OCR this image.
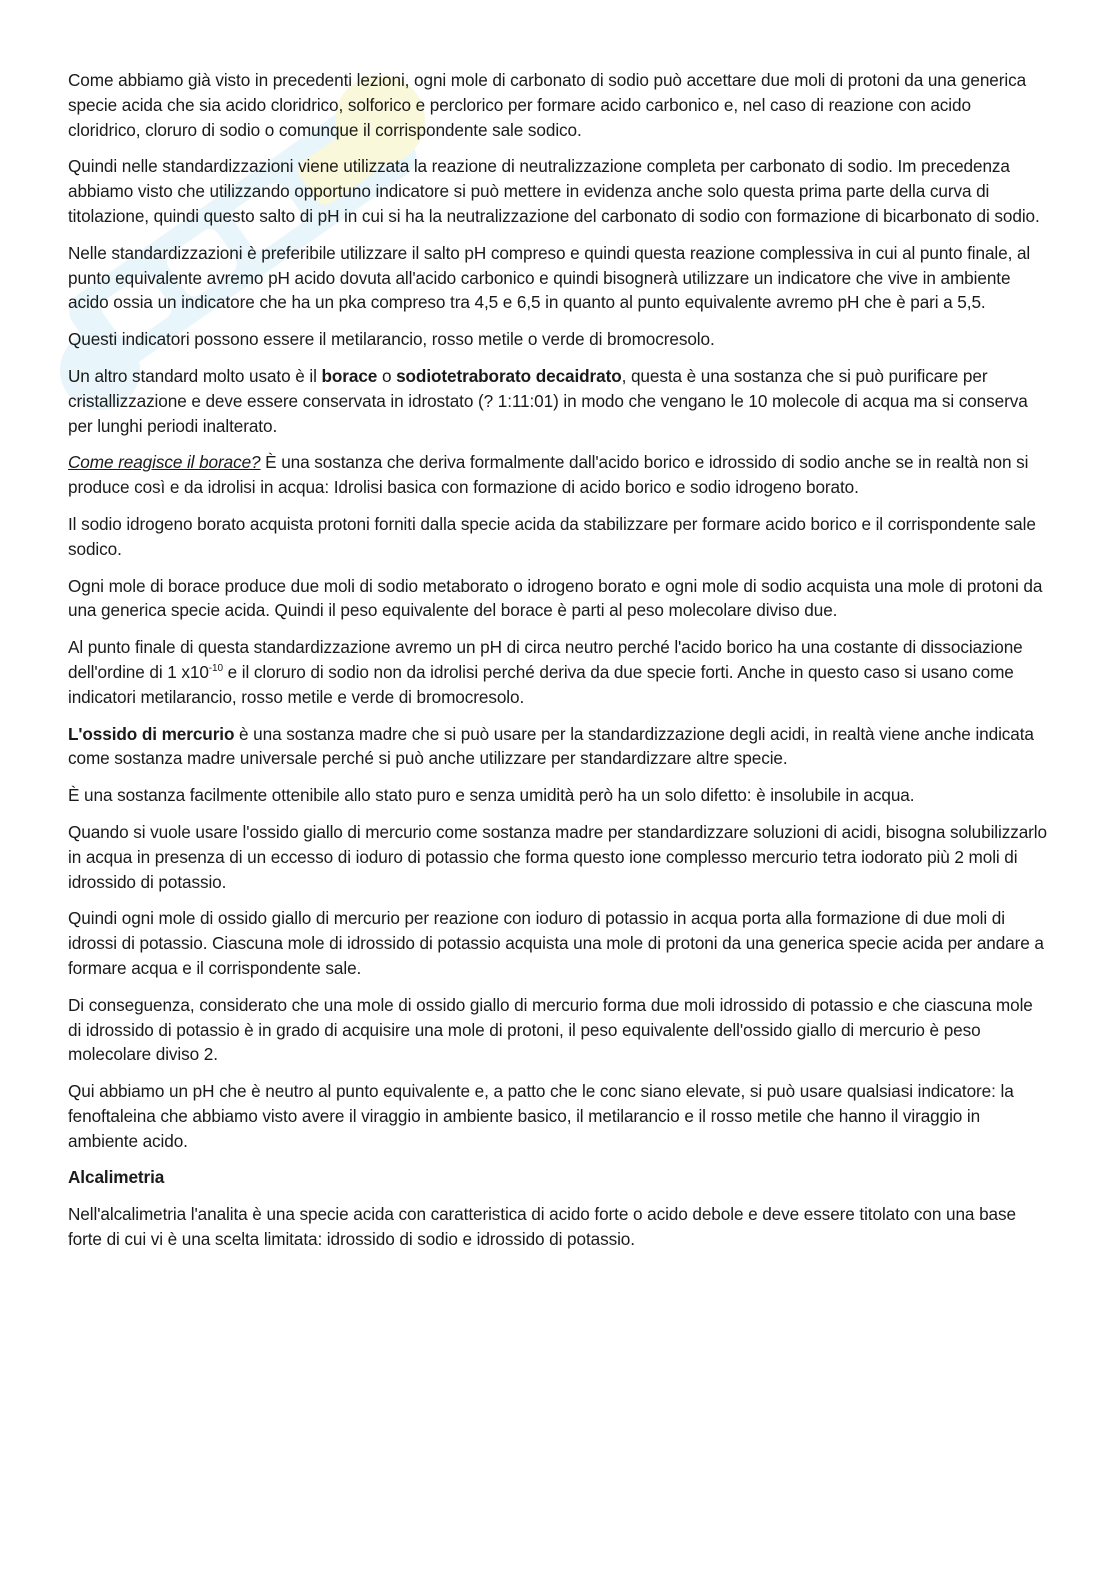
Come abbiamo già visto in precedenti lezioni, ogni mole di carbonato di sodio può accettare due moli di protoni da una generica specie acida che sia acido cloridrico, solforico e perclorico per formare acido carbonico e, nel caso di reazione con acido cloridrico, cloruro di sodio o comunque il corrispondente sale sodico.

Quindi nelle standardizzazioni viene utilizzata la reazione di neutralizzazione completa per carbonato di sodio. Im precedenza abbiamo visto che utilizzando opportuno indicatore si può mettere in evidenza anche solo questa prima parte della curva di titolazione, quindi questo salto di pH in cui si ha la neutralizzazione del carbonato di sodio con formazione di bicarbonato di sodio.

Nelle standardizzazioni è preferibile utilizzare il salto pH compreso e quindi questa reazione complessiva in cui al punto finale, al punto equivalente avremo pH acido dovuta all'acido carbonico e quindi bisognerà utilizzare un indicatore che vive in ambiente acido ossia un indicatore che ha un pka compreso tra 4,5 e 6,5 in quanto al punto equivalente avremo pH che è pari a 5,5.

Questi indicatori possono essere il metilarancio, rosso metile o verde di bromocresolo.

Un altro standard molto usato è il borace o sodiotetraborato decaidrato, questa è una sostanza che si può purificare per cristallizzazione e deve essere conservata in idrostato (? 1:11:01) in modo che vengano le 10 molecole di acqua ma si conserva per lunghi periodi inalterato.

Come reagisce il borace? È una sostanza che deriva formalmente dall'acido borico e idrossido di sodio anche se in realtà non si produce così e da idrolisi in acqua: Idrolisi basica con formazione di acido borico e sodio idrogeno borato.

Il sodio idrogeno borato acquista protoni forniti dalla specie acida da stabilizzare per formare acido borico e il corrispondente sale sodico.

Ogni mole di borace produce due moli di sodio metaborato o idrogeno borato e ogni mole di sodio acquista una mole di protoni da una generica specie acida. Quindi il peso equivalente del borace è parti al peso molecolare diviso due.

Al punto finale di questa standardizzazione avremo un pH di circa neutro perché l'acido borico ha una costante di dissociazione dell'ordine di 1 $x10^{-10}$ e il cloruro di sodio non da idrolisi perché deriva da due specie forti. Anche in questo caso si usano come indicatori metilarancio, rosso metile e verde di bromocresolo.

L'ossido di mercurio è una sostanza madre che si può usare per la standardizzazione degli acidi, in realtà viene anche indicata come sostanza madre universale perché si può anche utilizzare per standardizzare altre specie.

È una sostanza facilmente ottenibile allo stato puro e senza umidità però ha un solo difetto: è insolubile in acqua.

Quando si vuole usare l'ossido giallo di mercurio come sostanza madre per standardizzare soluzioni di acidi, bisogna solubilizzarlo in acqua in presenza di un eccesso di ioduro di potassio che forma questo ione complesso mercurio tetra iodorato più 2 moli di idrossido di potassio.

Quindi ogni mole di ossido giallo di mercurio per reazione con ioduro di potassio in acqua porta alla formazione di due moli di idrossi di potassio. Ciascuna mole di idrossido di potassio acquista una mole di protoni da una generica specie acida per andare a formare acqua e il corrispondente sale.

Di conseguenza, considerato che una mole di ossido giallo di mercurio forma due moli idrossido di potassio e che ciascuna mole di idrossido di potassio è in grado di acquisire una mole di protoni, il peso equivalente dell'ossido giallo di mercurio è peso molecolare diviso 2.

Qui abbiamo un pH che è neutro al punto equivalente e, a patto che le conc siano elevate, si può usare qualsiasi indicatore: la fenoftaleina che abbiamo visto avere il viraggio in ambiente basico, il metilarancio e il rosso metile che hanno il viraggio in ambiente acido.

Alcalimetria

Nell'alcalimetria l'analita è una specie acida con caratteristica di acido forte o acido debole e deve essere titolato con una base forte di cui vi è una scelta limitata: idrossido di sodio e idrossido di potassio.
